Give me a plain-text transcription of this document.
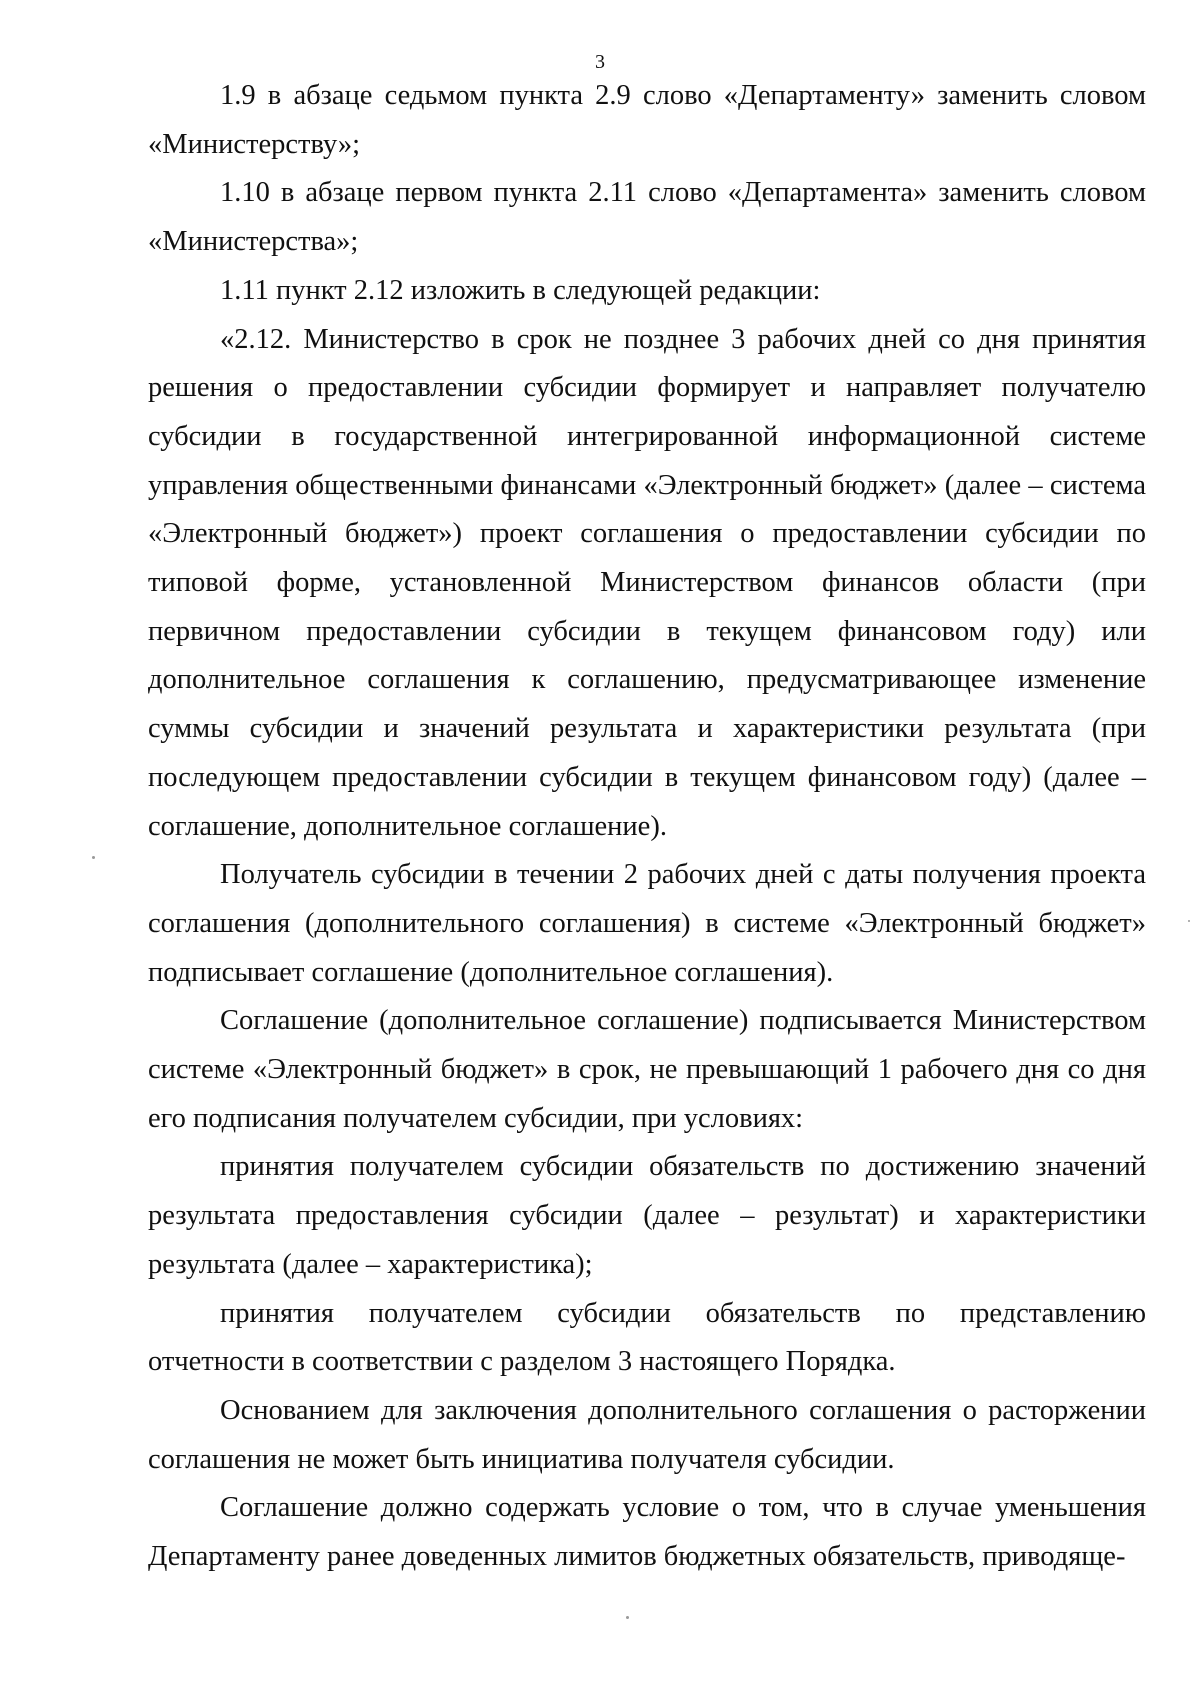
3

1.9 в абзаце седьмом пункта 2.9 слово «Департаменту» заменить словом «Министерству»;

1.10 в абзаце первом пункта 2.11 слово «Департамента» заменить словом «Министерства»;

1.11 пункт 2.12 изложить в следующей редакции:

«2.12. Министерство в срок не позднее 3 рабочих дней со дня принятия решения о предоставлении субсидии формирует и направляет получателю субсидии в государственной интегрированной информационной системе управления общественными финансами «Электронный бюджет» (далее – система «Электронный бюджет») проект соглашения о предоставлении субсидии по типовой форме, установленной Министерством финансов области (при первичном предоставлении субсидии в текущем финансовом году) или дополнительное соглашения к соглашению, предусматривающее изменение суммы субсидии и значений результата и характеристики результата (при последующем предоставлении субсидии в текущем финансовом году) (далее – соглашение, дополнительное соглашение).

Получатель субсидии в течении 2 рабочих дней с даты получения проекта соглашения (дополнительного соглашения) в системе «Электронный бюджет» подписывает соглашение (дополнительное соглашения).

Соглашение (дополнительное соглашение) подписывается Министерством системе «Электронный бюджет» в срок, не превышающий 1 рабочего дня со дня его подписания получателем субсидии, при условиях:

принятия получателем субсидии обязательств по достижению значений результата предоставления субсидии (далее – результат) и характеристики результата (далее – характеристика);

принятия получателем субсидии обязательств по представлению отчетности в соответствии с разделом 3 настоящего Порядка.

Основанием для заключения дополнительного соглашения о расторжении соглашения не может быть инициатива получателя субсидии.

Соглашение должно содержать условие о том, что в случае уменьшения Департаменту ранее доведенных лимитов бюджетных обязательств, приводяще-
